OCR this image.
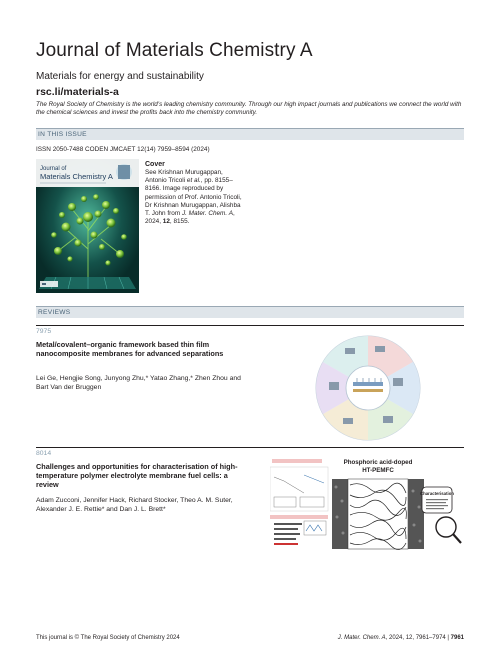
Journal of Materials Chemistry A
Materials for energy and sustainability
rsc.li/materials-a
The Royal Society of Chemistry is the world’s leading chemistry community. Through our high impact journals and publications we connect the world with the chemical sciences and invest the profits back into the chemistry community.
IN THIS ISSUE
ISSN 2050-7488 CODEN JMCAET 12(14) 7959–8594 (2024)
Journal of
Materials Chemistry A
Cover
See Krishnan Murugappan, Antonio Tricoli et al., pp. 8155–8166. Image reproduced by permission of Prof. Antonio Tricoli, Dr Krishnan Murugappan, Alishba T. John from J. Mater. Chem. A, 2024, 12, 8155.
REVIEWS
7975
Metal/covalent–organic framework based thin film nanocomposite membranes for advanced separations
Lei Ge, Hengjie Song, Junyong Zhu,* Yatao Zhang,* Zhen Zhou and Bart Van der Bruggen
8014
Challenges and opportunities for characterisation of high-temperature polymer electrolyte membrane fuel cells: a review
Adam Zucconi, Jennifer Hack, Richard Stocker, Theo A. M. Suter, Alexander J. E. Rettie* and Dan J. L. Brett*
Phosphoric acid-doped
HT-PEMFC
Characterisation
This journal is © The Royal Society of Chemistry 2024	J. Mater. Chem. A, 2024, 12, 7961–7974 | 7961
